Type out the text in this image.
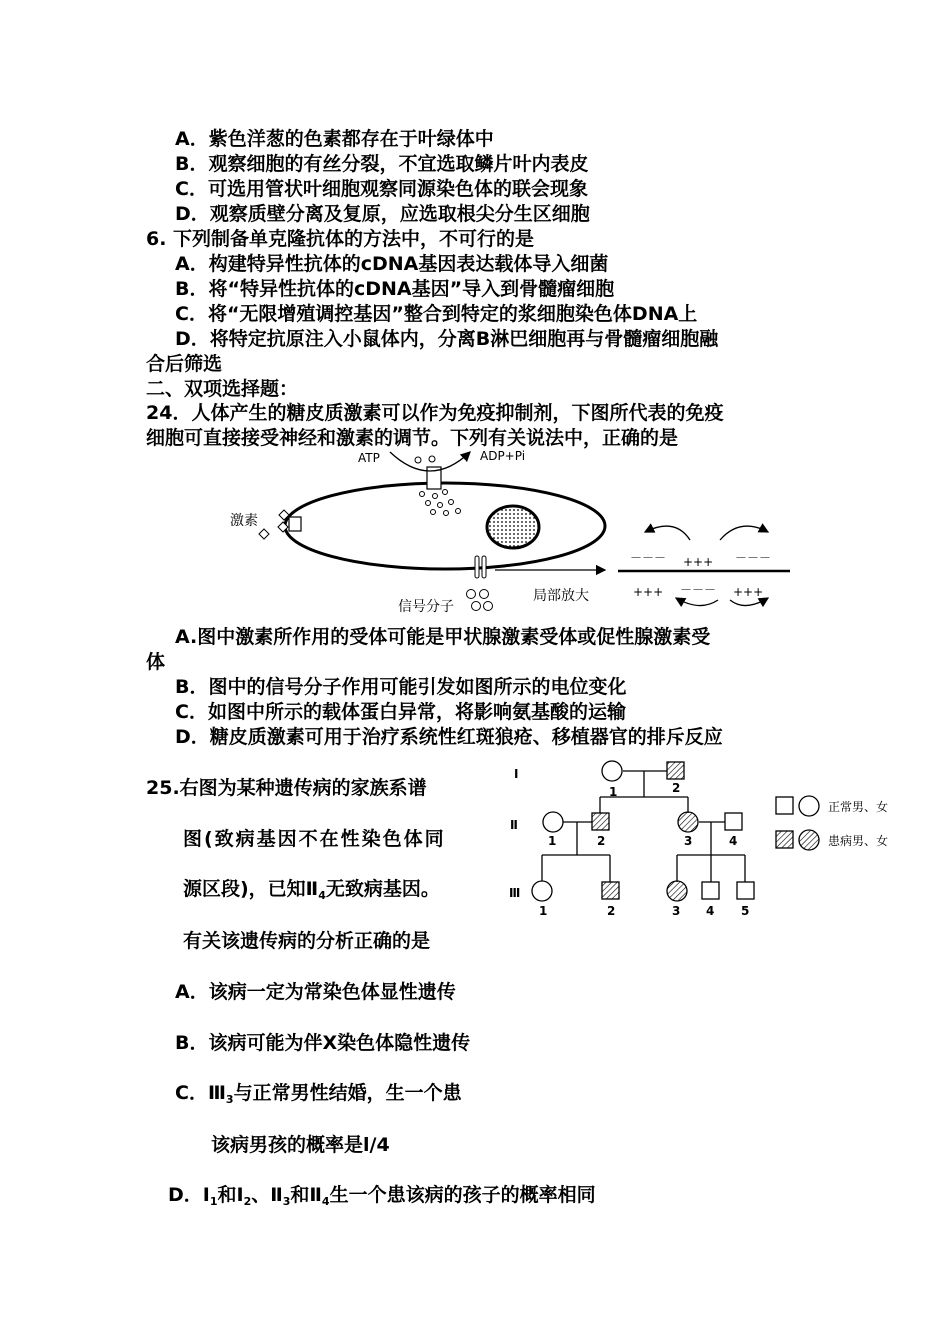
A．紫色洋葱的色素都存在于叶绿体中
B．观察细胞的有丝分裂，不宜选取鳞片叶内表皮
C．可选用管状叶细胞观察同源染色体的联会现象
D．观察质壁分离及复原，应选取根尖分生区细胞
6. 下列制备单克隆抗体的方法中，不可行的是
A．构建特异性抗体的cDNA基因表达载体导入细菌
B．将“特异性抗体的cDNA基因”导入到骨髓瘤细胞
C．将“无限增殖调控基因”整合到特定的浆细胞染色体DNA上
D．将特定抗原注入小鼠体内，分离B淋巴细胞再与骨髓瘤细胞融
合后筛选
二、双项选择题：
24．人体产生的糖皮质激素可以作为免疫抑制剂，下图所代表的免疫
细胞可直接接受神经和激素的调节。下列有关说法中，正确的是
ATP	ADP+Pi
激素
信号分子
局部放大
－－－ +++ －－－
+++ －－－ +++
A.图中激素所作用的受体可能是甲状腺激素受体或促性腺激素受
体
B．图中的信号分子作用可能引发如图所示的电位变化
C．如图中所示的载体蛋白异常，将影响氨基酸的运输
D．糖皮质激素可用于治疗系统性红斑狼疮、移植器官的排斥反应
25.右图为某种遗传病的家族系谱
图(致病基因不在性染色体同
源区段)，已知$Ⅱ_4$无致病基因。
有关该遗传病的分析正确的是
A．该病一定为常染色体显性遗传
B．该病可能为伴X染色体隐性遗传
C．$Ⅲ_3$与正常男性结婚，生一个患
该病男孩的概率是l/4
D．$Ⅰ_1$和$Ⅰ_2$、$Ⅱ_3$和$Ⅱ_4$生一个患该病的孩子的概率相同
I
Ⅱ
Ⅲ
1	2
1	2	3	4
1	2	3 4 5
正常男、女
患病男、女
